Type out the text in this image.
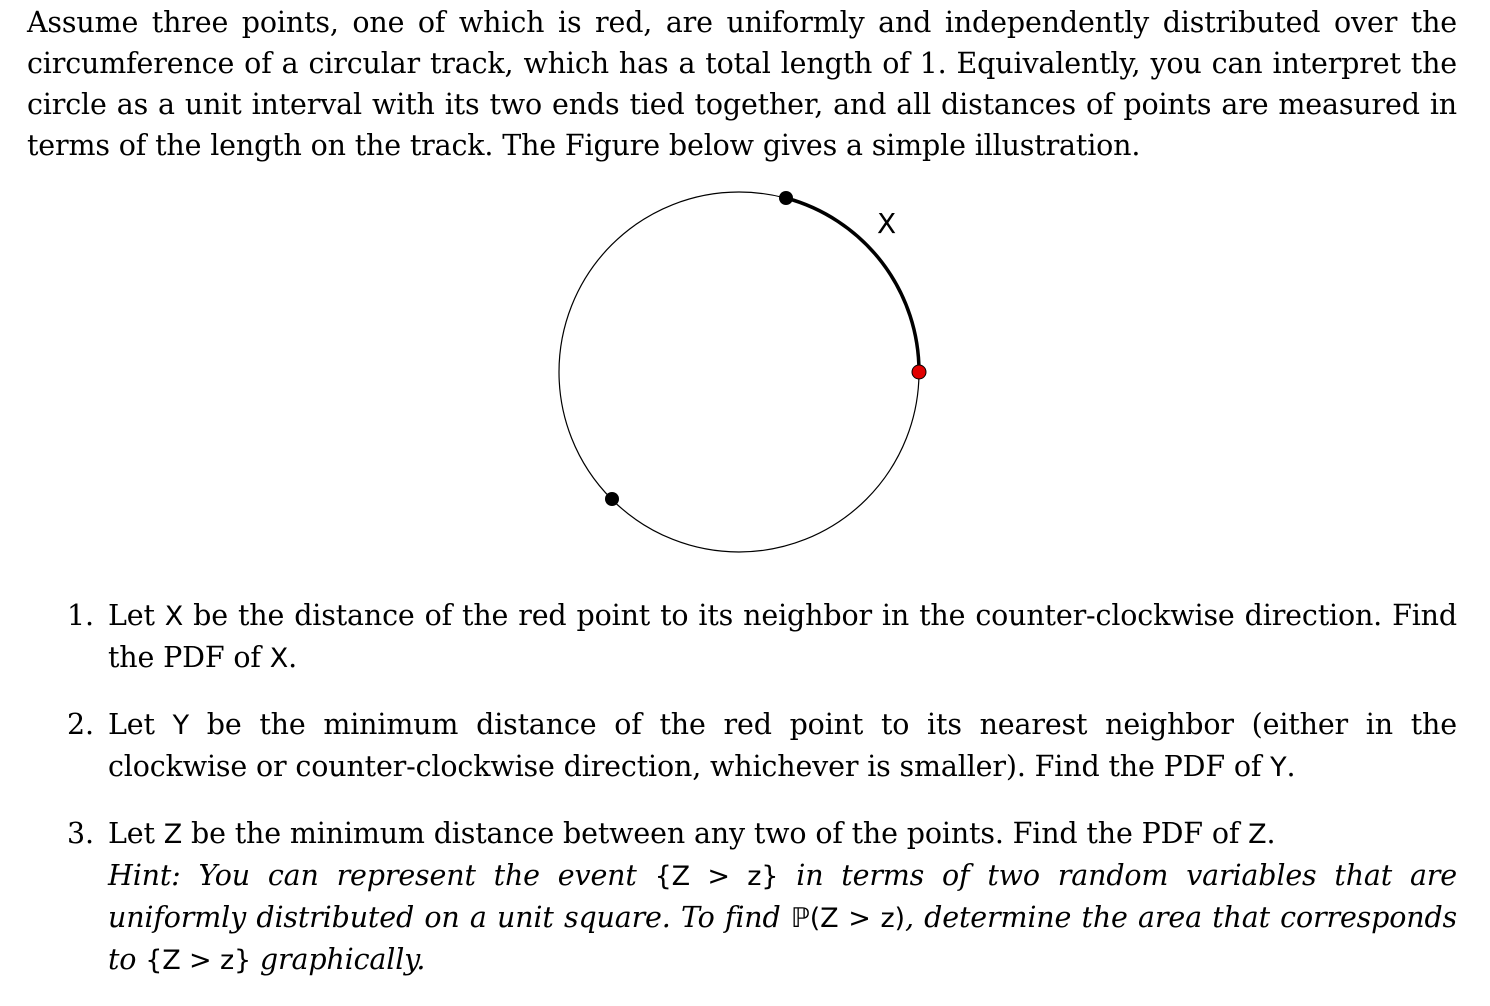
Assume three points, one of which is red, are uniformly and independently distributed over the circumference of a circular track, which has a total length of 1. Equivalently, you can interpret the circle as a unit interval with its two ends tied together, and all distances of points are measured in terms of the length on the track. The Figure below gives a simple illustration.
X
1. Let X be the distance of the red point to its neighbor in the counter-clockwise direction. Find the PDF of X.
2. Let Y be the minimum distance of the red point to its nearest neighbor (either in the clockwise or counter-clockwise direction, whichever is smaller). Find the PDF of Y.
3. Let Z be the minimum distance between any two of the points. Find the PDF of Z.
Hint: You can represent the event {Z > z} in terms of two random variables that are uniformly distributed on a unit square. To find ℙ(Z > z), determine the area that corresponds to {Z > z} graphically.
